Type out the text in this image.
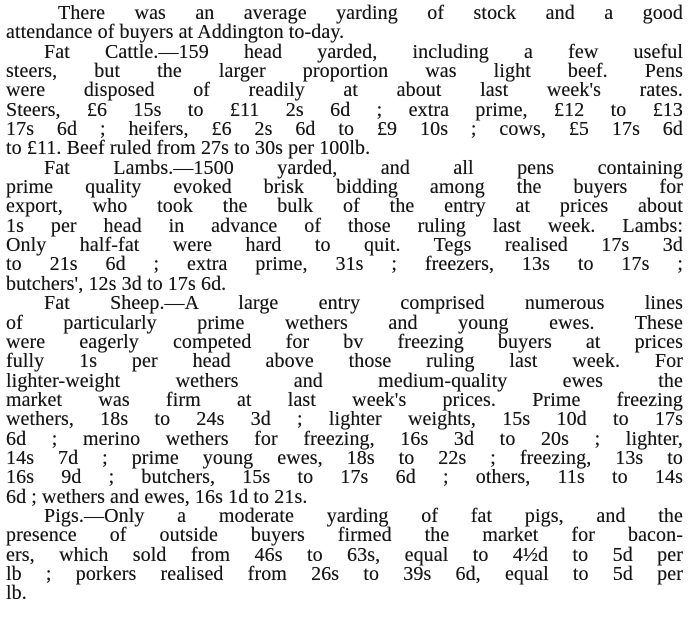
There was an average yarding of stock and a good
attendance of buyers at Addington to-day.
Fat Cattle.—159 head yarded, including a few useful
steers, but the larger proportion was light beef. Pens
were disposed of readily at about last week's rates.
Steers, £6 15s to £11 2s 6d ; extra prime, £12 to £13
17s 6d ; heifers, £6 2s 6d to £9 10s ; cows, £5 17s 6d
to £11. Beef ruled from 27s to 30s per 100lb.
Fat Lambs.—1500 yarded, and all pens containing
prime quality evoked brisk bidding among the buyers for
export, who took the bulk of the entry at prices about
1s per head in advance of those ruling last week. Lambs:
Only half-fat were hard to quit. Tegs realised 17s 3d
to 21s 6d ; extra prime, 31s ; freezers, 13s to 17s ;
butchers', 12s 3d to 17s 6d.
Fat Sheep.—A large entry comprised numerous lines
of particularly prime wethers and young ewes. These
were eagerly competed for bv freezing buyers at prices
fully 1s per head above those ruling last week. For
lighter-weight wethers and medium-quality ewes the
market was firm at last week's prices. Prime freezing
wethers, 18s to 24s 3d ; lighter weights, 15s 10d to 17s
6d ; merino wethers for freezing, 16s 3d to 20s ; lighter,
14s 7d ; prime young ewes, 18s to 22s ; freezing, 13s to
16s 9d ; butchers, 15s to 17s 6d ; others, 11s to 14s
6d ; wethers and ewes, 16s 1d to 21s.
Pigs.—Only a moderate yarding of fat pigs, and the
presence of outside buyers firmed the market for bacon-
ers, which sold from 46s to 63s, equal to 4½d to 5d per
lb ; porkers realised from 26s to 39s 6d, equal to 5d per
lb.
